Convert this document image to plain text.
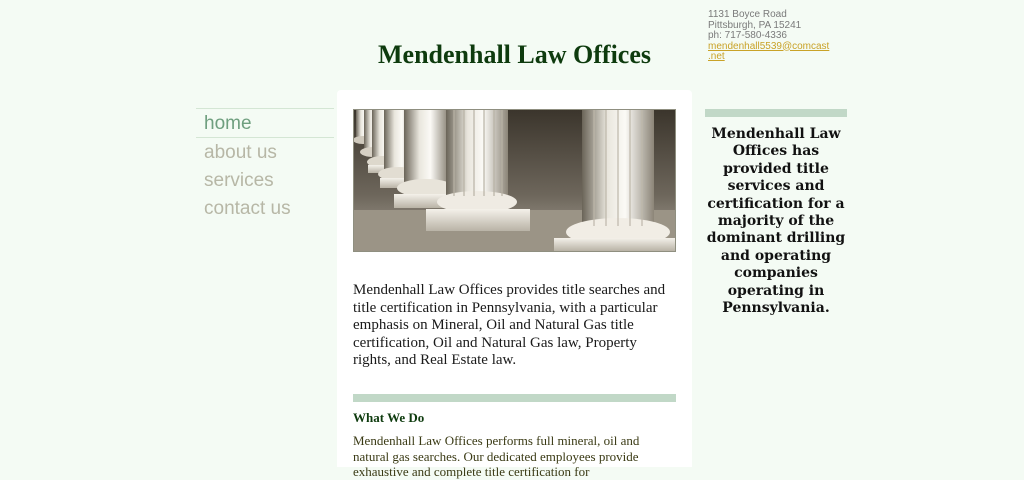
1131 Boyce Road
Pittsburgh, PA 15241
ph: 717-580-4336
mendenhall5539@comcast
.net
Mendenhall Law Offices
home
about us
services
contact us

Mendenhall Law Offices provides title searches and title certification in Pennsylvania, with a particular emphasis on Mineral, Oil and Natural Gas title certification, Oil and Natural Gas law, Property rights, and Real Estate law.

What We Do

Mendenhall Law Offices performs full mineral, oil and natural gas searches. Our dedicated employees provide exhaustive and complete title certification for

Mendenhall Law Offices has provided title services and certification for a majority of the dominant drilling and operating companies operating in Pennsylvania.
